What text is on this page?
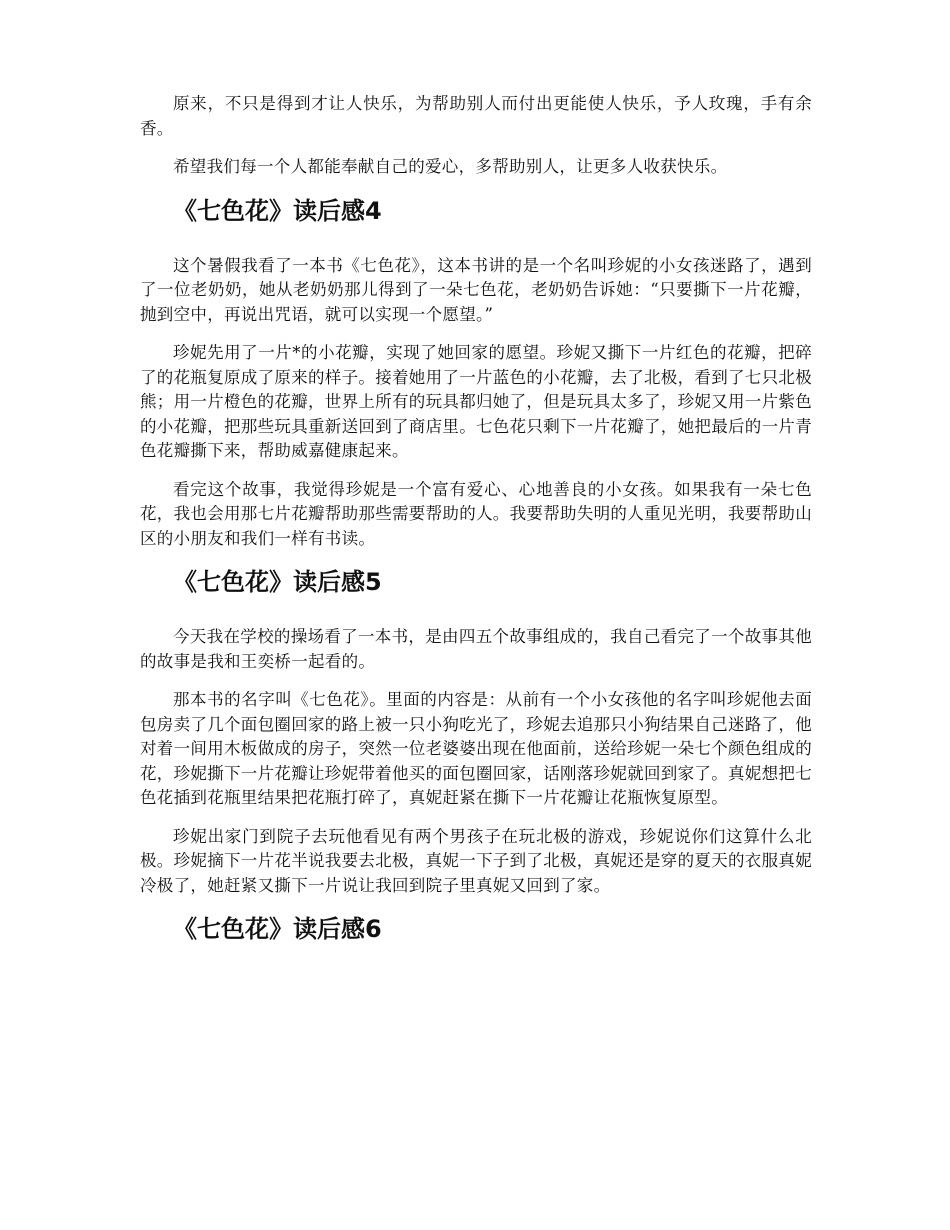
原来，不只是得到才让人快乐，为帮助别人而付出更能使人快乐，予人玫瑰，手有余香。

希望我们每一个人都能奉献自己的爱心，多帮助别人，让更多人收获快乐。

《七色花》读后感4

这个暑假我看了一本书《七色花》，这本书讲的是一个名叫珍妮的小女孩迷路了，遇到了一位老奶奶，她从老奶奶那儿得到了一朵七色花，老奶奶告诉她：“只要撕下一片花瓣，抛到空中，再说出咒语，就可以实现一个愿望。”

珍妮先用了一片*的小花瓣，实现了她回家的愿望。珍妮又撕下一片红色的花瓣，把碎了的花瓶复原成了原来的样子。接着她用了一片蓝色的小花瓣，去了北极，看到了七只北极熊；用一片橙色的花瓣，世界上所有的玩具都归她了，但是玩具太多了，珍妮又用一片紫色的小花瓣，把那些玩具重新送回到了商店里。七色花只剩下一片花瓣了，她把最后的一片青色花瓣撕下来，帮助威嘉健康起来。

看完这个故事，我觉得珍妮是一个富有爱心、心地善良的小女孩。如果我有一朵七色花，我也会用那七片花瓣帮助那些需要帮助的人。我要帮助失明的人重见光明，我要帮助山区的小朋友和我们一样有书读。

《七色花》读后感5

今天我在学校的操场看了一本书，是由四五个故事组成的，我自己看完了一个故事其他的故事是我和王奕桥一起看的。

那本书的名字叫《七色花》。里面的内容是：从前有一个小女孩他的名字叫珍妮他去面包房卖了几个面包圈回家的路上被一只小狗吃光了，珍妮去追那只小狗结果自己迷路了，他对着一间用木板做成的房子，突然一位老婆婆出现在他面前，送给珍妮一朵七个颜色组成的花，珍妮撕下一片花瓣让珍妮带着他买的面包圈回家，话刚落珍妮就回到家了。真妮想把七色花插到花瓶里结果把花瓶打碎了，真妮赶紧在撕下一片花瓣让花瓶恢复原型。

珍妮出家门到院子去玩他看见有两个男孩子在玩北极的游戏，珍妮说你们这算什么北极。珍妮摘下一片花半说我要去北极，真妮一下子到了北极，真妮还是穿的夏天的衣服真妮冷极了，她赶紧又撕下一片说让我回到院子里真妮又回到了家。

《七色花》读后感6
